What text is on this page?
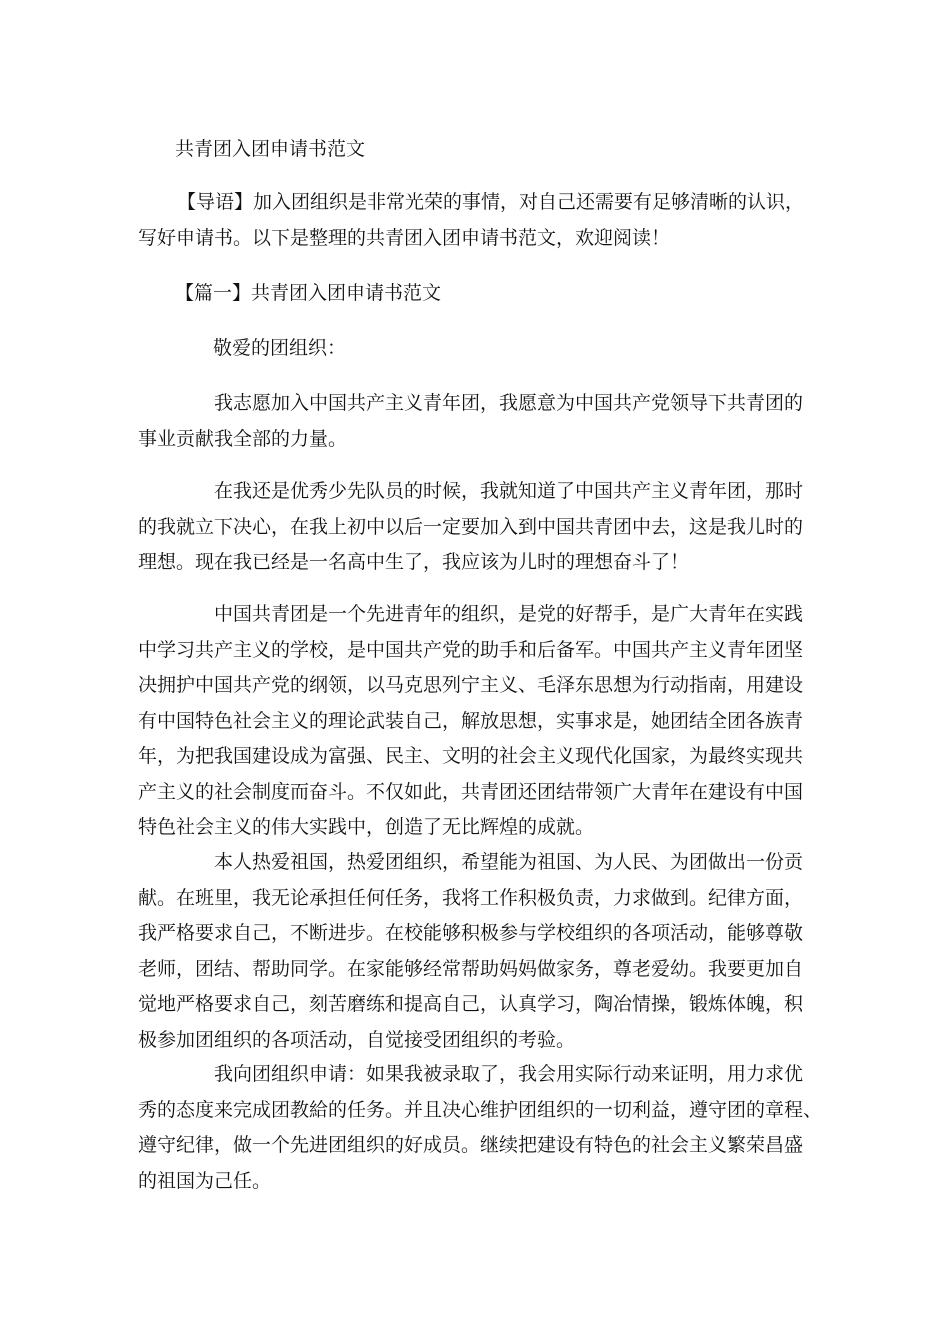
共青团入团申请书范文
【导语】加入团组织是非常光荣的事情，对自己还需要有足够清晰的认识，
写好申请书。以下是整理的共青团入团申请书范文，欢迎阅读！
【篇一】共青团入团申请书范文
敬爱的团组织：
我志愿加入中国共产主义青年团，我愿意为中国共产党领导下共青团的
事业贡献我全部的力量。
在我还是优秀少先队员的时候，我就知道了中国共产主义青年团，那时
的我就立下决心，在我上初中以后一定要加入到中国共青团中去，这是我儿时的
理想。现在我已经是一名高中生了，我应该为儿时的理想奋斗了！
中国共青团是一个先进青年的组织，是党的好帮手，是广大青年在实践
中学习共产主义的学校，是中国共产党的助手和后备军。中国共产主义青年团坚
决拥护中国共产党的纲领，以马克思列宁主义、毛泽东思想为行动指南，用建设
有中国特色社会主义的理论武装自己，解放思想，实事求是，她团结全团各族青
年，为把我国建设成为富强、民主、文明的社会主义现代化国家，为最终实现共
产主义的社会制度而奋斗。不仅如此，共青团还团结带领广大青年在建设有中国
特色社会主义的伟大实践中，创造了无比辉煌的成就。
本人热爱祖国，热爱团组织，希望能为祖国、为人民、为团做出一份贡
献。在班里，我无论承担任何任务，我将工作积极负责，力求做到。纪律方面，
我严格要求自己，不断进步。在校能够积极参与学校组织的各项活动，能够尊敬
老师，团结、帮助同学。在家能够经常帮助妈妈做家务，尊老爱幼。我要更加自
觉地严格要求自己，刻苦磨练和提高自己，认真学习，陶冶情操，锻炼体魄，积
极参加团组织的各项活动，自觉接受团组织的考验。
我向团组织申请：如果我被录取了，我会用实际行动来证明，用力求优
秀的态度来完成团教給的任务。并且决心维护团组织的一切利益，遵守团的章程、
遵守纪律，做一个先进团组织的好成员。继续把建设有特色的社会主义繁荣昌盛
的祖国为己任。
